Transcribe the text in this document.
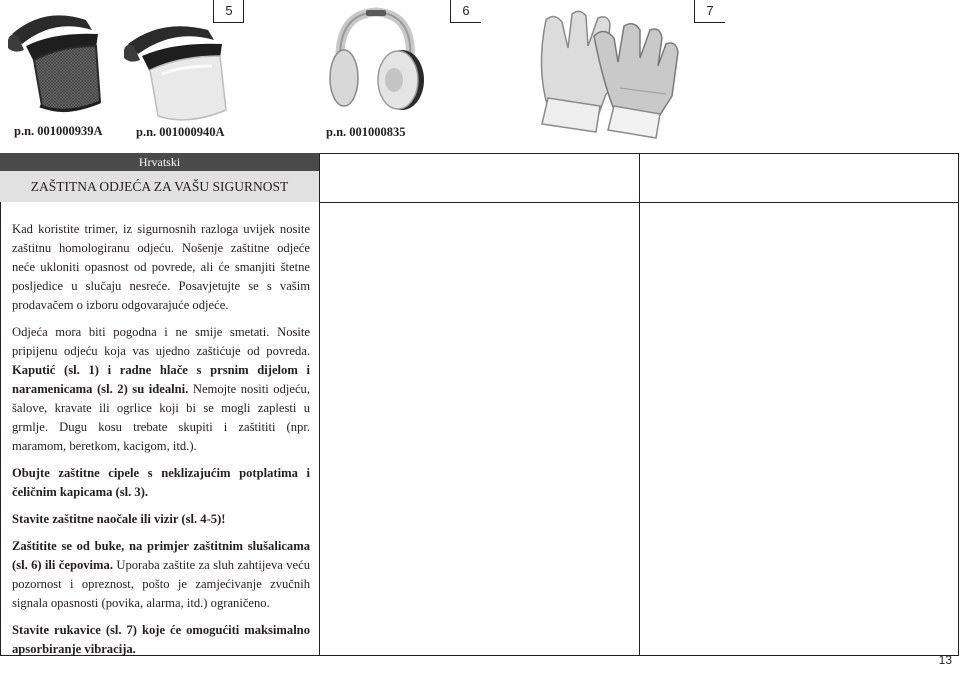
5	6	7
p.n. 001000939A	p.n. 001000940A	p.n. 001000835
Hrvatski
ZAŠTITNA ODJEĆA ZA VAŠU SIGURNOST

Kad koristite trimer, iz sigurnosnih razloga uvijek nosite zaštitnu homologiranu odjeću. Nošenje zaštitne odjeće neće ukloniti opasnost od povrede, ali će smanjiti štetne posljedice u slučaju nesreće. Posavjetujte se s vašim prodavačem o izboru odgovarajuće odjeće.

Odjeća mora biti pogodna i ne smije smetati. Nosite pripijenu odjeću koja vas ujedno zaštićuje od povreda. Kaputić (sl. 1) i radne hlače s prsnim dijelom i naramenicama (sl. 2) su idealni. Nemojte nositi odjeću, šalove, kravate ili ogrlice koji bi se mogli zaplesti u grmlje. Dugu kosu trebate skupiti i zaštititi (npr. maramom, beretkom, kacigom, itd.).

Obujte zaštitne cipele s neklizajućim potplatima i čeličnim kapicama (sl. 3).

Stavite zaštitne naočale ili vizir (sl. 4-5)!

Zaštitite se od buke, na primjer zaštitnim slušalicama (sl. 6) ili čepovima. Uporaba zaštite za sluh zahtijeva veću pozornost i opreznost, pošto je zamjećivanje zvučnih signala opasnosti (povika, alarma, itd.) ograničeno.

Stavite rukavice (sl. 7) koje će omogućiti maksimalno apsorbiranje vibracija.

13
